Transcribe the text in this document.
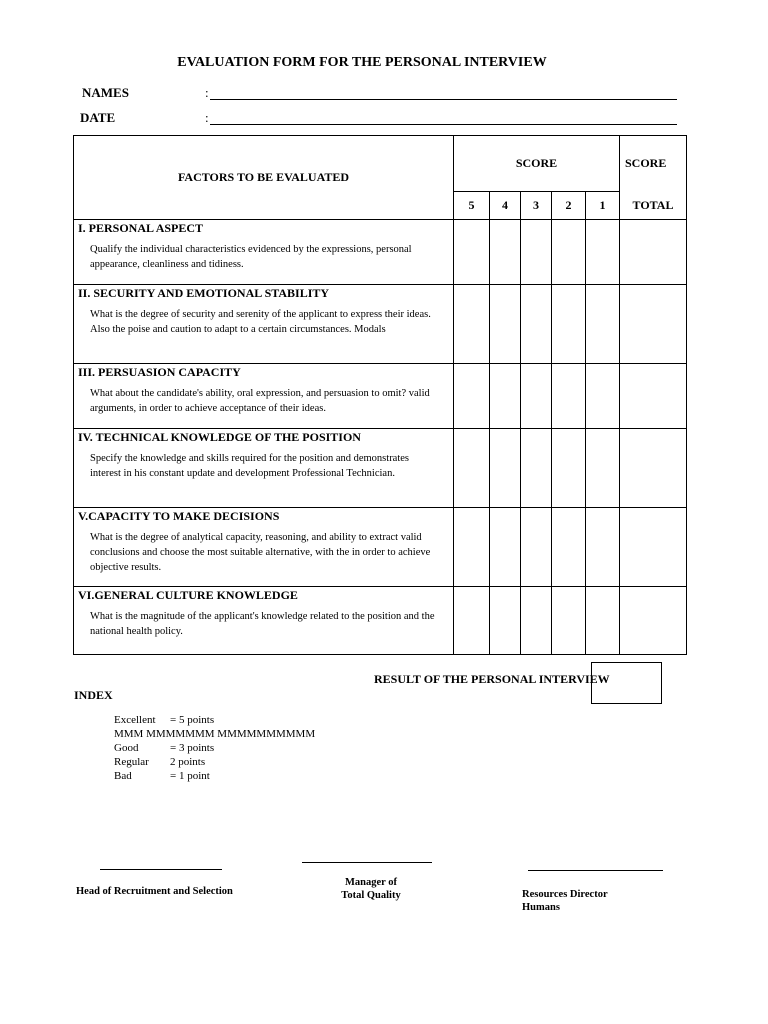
EVALUATION FORM FOR THE PERSONAL INTERVIEW
NAMES	:
DATE	:
FACTORS TO BE EVALUATED	SCORE					SCORE
	5	4	3	2	1	TOTAL

I. PERSONAL ASPECT
Qualify the individual characteristics evidenced by the expressions, personal appearance, cleanliness and tidiness.						

II. SECURITY AND EMOTIONAL STABILITY
What is the degree of security and serenity of the applicant to express their ideas. Also the poise and caution to adapt to a certain circumstances. Modals						

III. PERSUASION CAPACITY
What about the candidate's ability, oral expression, and persuasion to omit? valid arguments, in order to achieve acceptance of their ideas.						

IV. TECHNICAL KNOWLEDGE OF THE POSITION
Specify the knowledge and skills required for the position and demonstrates interest in his constant update and development Professional Technician.						

V.CAPACITY TO MAKE DECISIONS
What is the degree of analytical capacity, reasoning, and ability to extract valid conclusions and choose the most suitable alternative, with the in order to achieve objective results.						

VI.GENERAL CULTURE KNOWLEDGE
What is the magnitude of the applicant's knowledge related to the position and the national health policy.						

RESULT OF THE PERSONAL INTERVIEW
INDEX
Excellent = 5 points
MMM MMMMMMM MMMMMMMMMM
Good	= 3 points
Regular 2 points
Bad	= 1 point
Head of Recruitment and Selection
Manager of
Total Quality	Resources Director
Humans
